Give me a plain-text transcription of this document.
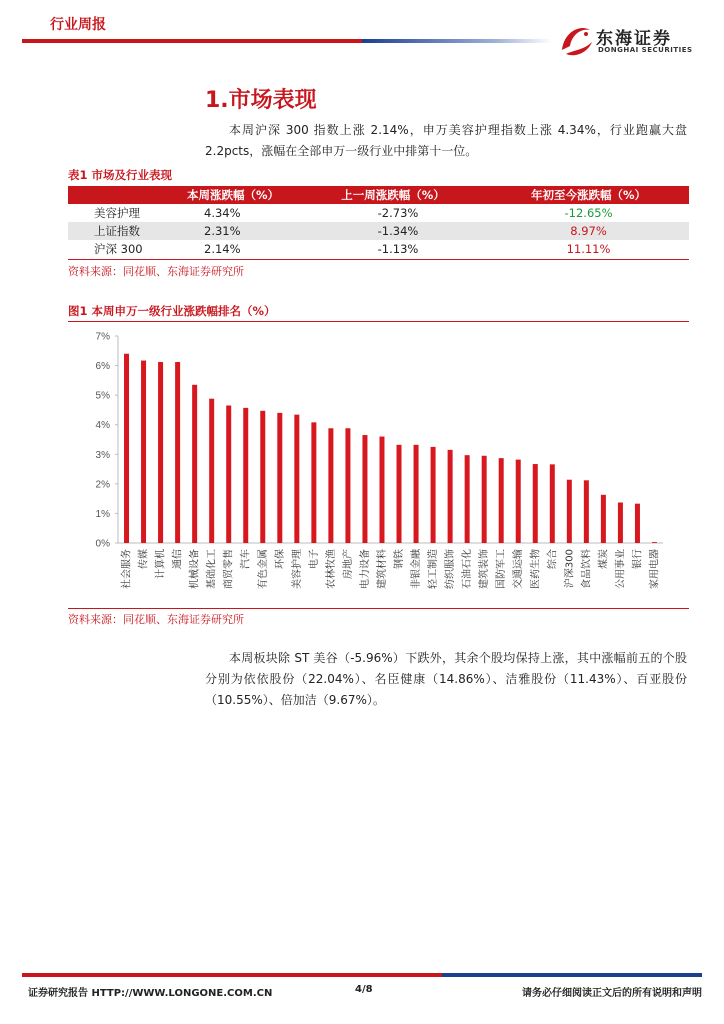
行业周报
东海证券
DONGHAI SECURITIES
1.市场表现
本周沪深 300 指数上涨 2.14%，申万美容护理指数上涨 4.34%，行业跑赢大盘 2.2pcts，涨幅在全部申万一级行业中排第十一位。
表1 市场及行业表现
	本周涨跌幅（%）	上一周涨跌幅（%）	年初至今涨跌幅（%）
美容护理	4.34%	-2.73%	-12.65%
上证指数	2.31%	-1.34%	8.97%
沪深 300	2.14%	-1.13%	11.11%
资料来源：同花顺、东海证券研究所
图1 本周申万一级行业涨跌幅排名（%）
0%
1%
2%
3%
4%
5%
6%
7%
社会服务 传媒 计算机 通信 机械设备 基础化工 商贸零售 汽车 有色金属 环保 美容护理 电子 农林牧渔 房地产 电力设备 建筑材料 钢铁 非银金融 轻工制造 纺织服饰 石油石化 建筑装饰 国防军工 交通运输 医药生物 综合 沪深300 食品饮料 煤炭 公用事业 银行 家用电器
资料来源：同花顺、东海证券研究所
本周板块除 ST 美谷（-5.96%）下跌外，其余个股均保持上涨，其中涨幅前五的个股分别为依依股份（22.04%）、名臣健康（14.86%）、洁雅股份（11.43%）、百亚股份（10.55%）、倍加洁（9.67%）。
证券研究报告 HTTP://WWW.LONGONE.COM.CN	4/8	请务必仔细阅读正文后的所有说明和声明
